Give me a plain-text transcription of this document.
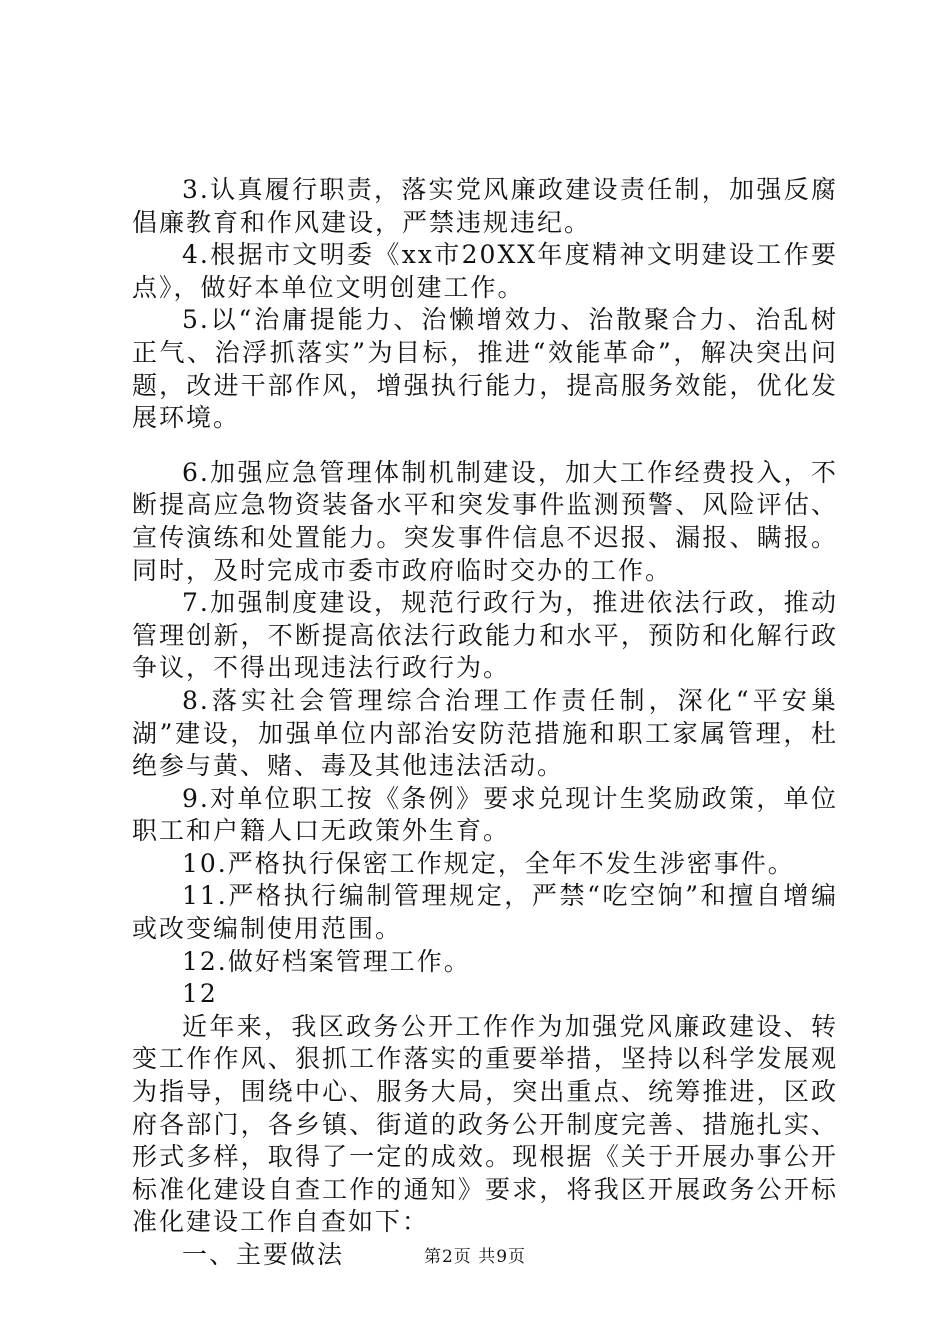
3.认真履行职责，落实党风廉政建设责任制，加强反腐倡廉教育和作风建设，严禁违规违纪。

4.根据市文明委《xx市20XX年度精神文明建设工作要点》，做好本单位文明创建工作。

5.以“治庸提能力、治懒增效力、治散聚合力、治乱树正气、治浮抓落实”为目标，推进“效能革命”，解决突出问题，改进干部作风，增强执行能力，提高服务效能，优化发展环境。

6.加强应急管理体制机制建设，加大工作经费投入，不断提高应急物资装备水平和突发事件监测预警、风险评估、宣传演练和处置能力。突发事件信息不迟报、漏报、瞒报。同时，及时完成市委市政府临时交办的工作。

7.加强制度建设，规范行政行为，推进依法行政，推动管理创新，不断提高依法行政能力和水平，预防和化解行政争议，不得出现违法行政行为。

8.落实社会管理综合治理工作责任制，深化“平安巢湖”建设，加强单位内部治安防范措施和职工家属管理，杜绝参与黄、赌、毒及其他违法活动。

9.对单位职工按《条例》要求兑现计生奖励政策，单位职工和户籍人口无政策外生育。

10.严格执行保密工作规定，全年不发生涉密事件。

11.严格执行编制管理规定，严禁“吃空饷”和擅自增编或改变编制使用范围。

12.做好档案管理工作。

12

近年来，我区政务公开工作作为加强党风廉政建设、转变工作作风、狠抓工作落实的重要举措，坚持以科学发展观为指导，围绕中心、服务大局，突出重点、统筹推进，区政府各部门，各乡镇、街道的政务公开制度完善、措施扎实、形式多样，取得了一定的成效。现根据《关于开展办事公开标准化建设自查工作的通知》要求，将我区开展政务公开标准化建设工作自查如下：

一、主要做法	第2页 共9页
